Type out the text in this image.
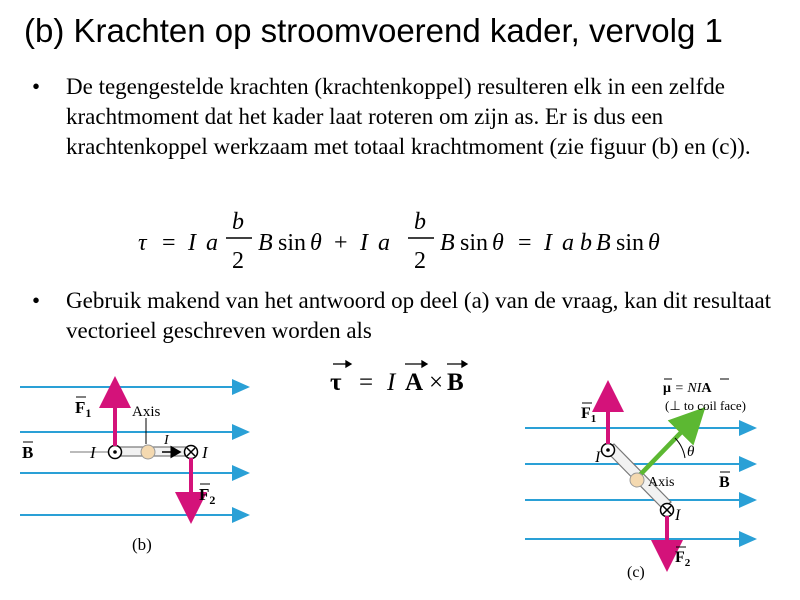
(b) Krachten op stroomvoerend kader, vervolg 1
• De tegengestelde krachten (krachtenkoppel) resulteren elk in een zelfde krachtmoment dat het kader laat roteren om zijn as. Er is dus een krachtenkoppel werkzaam met totaal krachtmoment (zie figuur (b) en (c)).
• Gebruik makend van het antwoord op deel (a) van de vraag, kan dit resultaat vectorieel geschreven worden als
τ = I a
b
2
B sin θ + I a
b
2
B sin θ = I a b B sin θ
τ = I A × B
$F_1$
$F_2$
B
Axis
I
I
I
(b)
$F_1$
$F_2$
B
Axis
μ = NIA
(⊥ to coil face)
θ
I
I
(c)
